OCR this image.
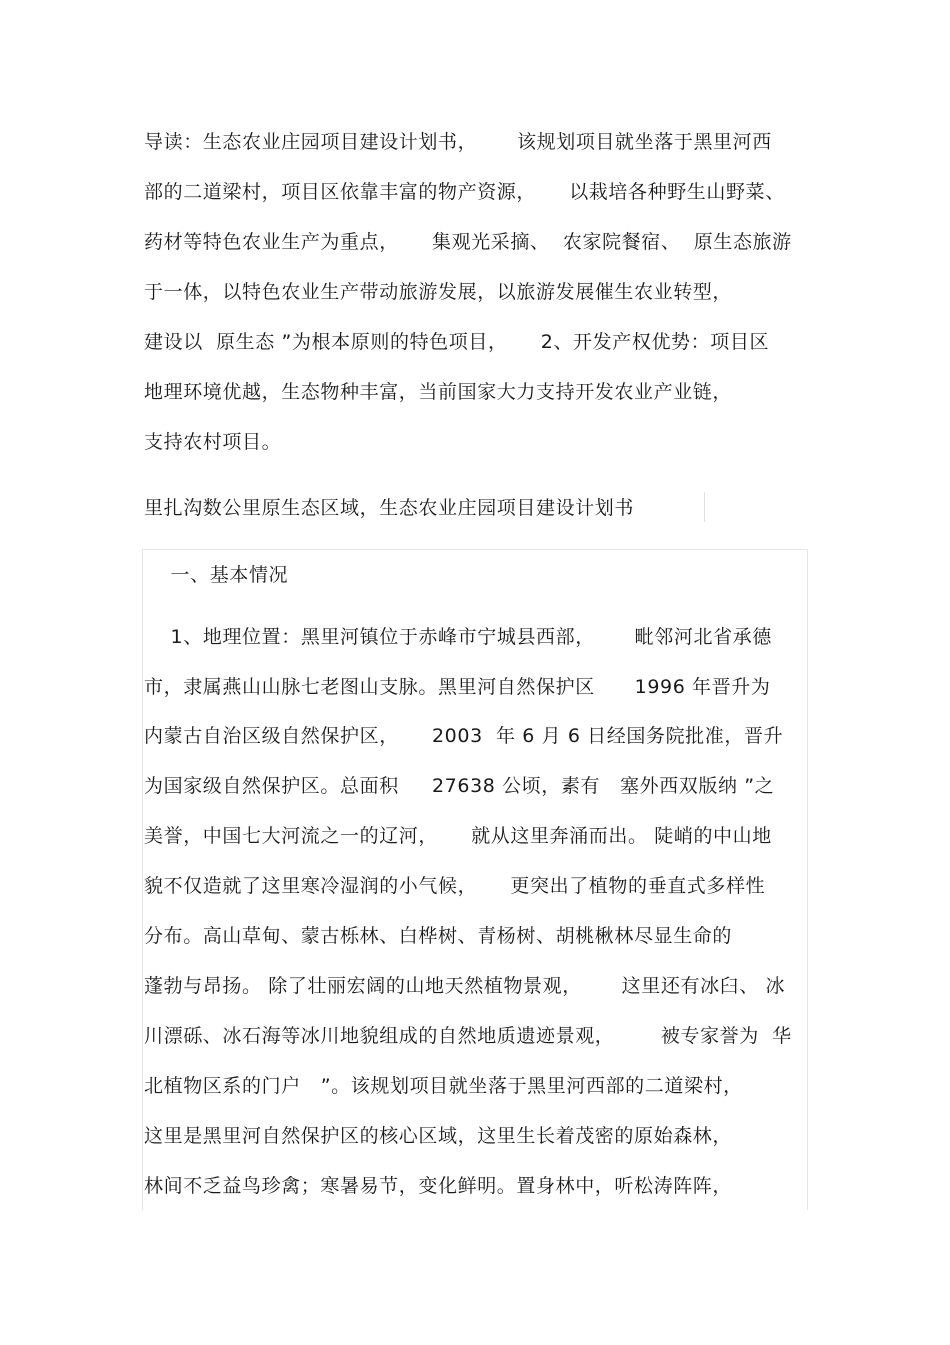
导读：生态农业庄园项目建设计划书，      该规划项目就坐落于黑里河西
部的二道梁村，项目区依靠丰富的物产资源，     以栽培各种野生山野菜、
药材等特色农业生产为重点，     集观光采摘、  农家院餐宿、  原生态旅游
于一体，以特色农业生产带动旅游发展，以旅游发展催生农业转型，
建设以  原生态 ”为根本原则的特色项目，     2、开发产权优势：项目区
地理环境优越，生态物种丰富，当前国家大力支持开发农业产业链，
支持农村项目。
里扎沟数公里原生态区域，生态农业庄园项目建设计划书
一、基本情况
1、地理位置：黑里河镇位于赤峰市宁城县西部，      毗邻河北省承德
市，隶属燕山山脉七老图山支脉。黑里河自然保护区      1996 年晋升为
内蒙古自治区级自然保护区，     2003  年 6 月 6 日经国务院批准，晋升
为国家级自然保护区。总面积     27638 公顷，素有   塞外西双版纳 ”之
美誉，中国七大河流之一的辽河，     就从这里奔涌而出。 陡峭的中山地
貌不仅造就了这里寒冷湿润的小气候，     更突出了植物的垂直式多样性
分布。高山草甸、蒙古栎林、白桦树、青杨树、胡桃楸林尽显生命的
蓬勃与昂扬。 除了壮丽宏阔的山地天然植物景观，      这里还有冰臼、 冰
川漂砾、冰石海等冰川地貌组成的自然地质遗迹景观，       被专家誉为  华
北植物区系的门户   ”。该规划项目就坐落于黑里河西部的二道梁村，
这里是黑里河自然保护区的核心区域，这里生长着茂密的原始森林，
林间不乏益鸟珍禽；寒暑易节，变化鲜明。置身林中，听松涛阵阵，
